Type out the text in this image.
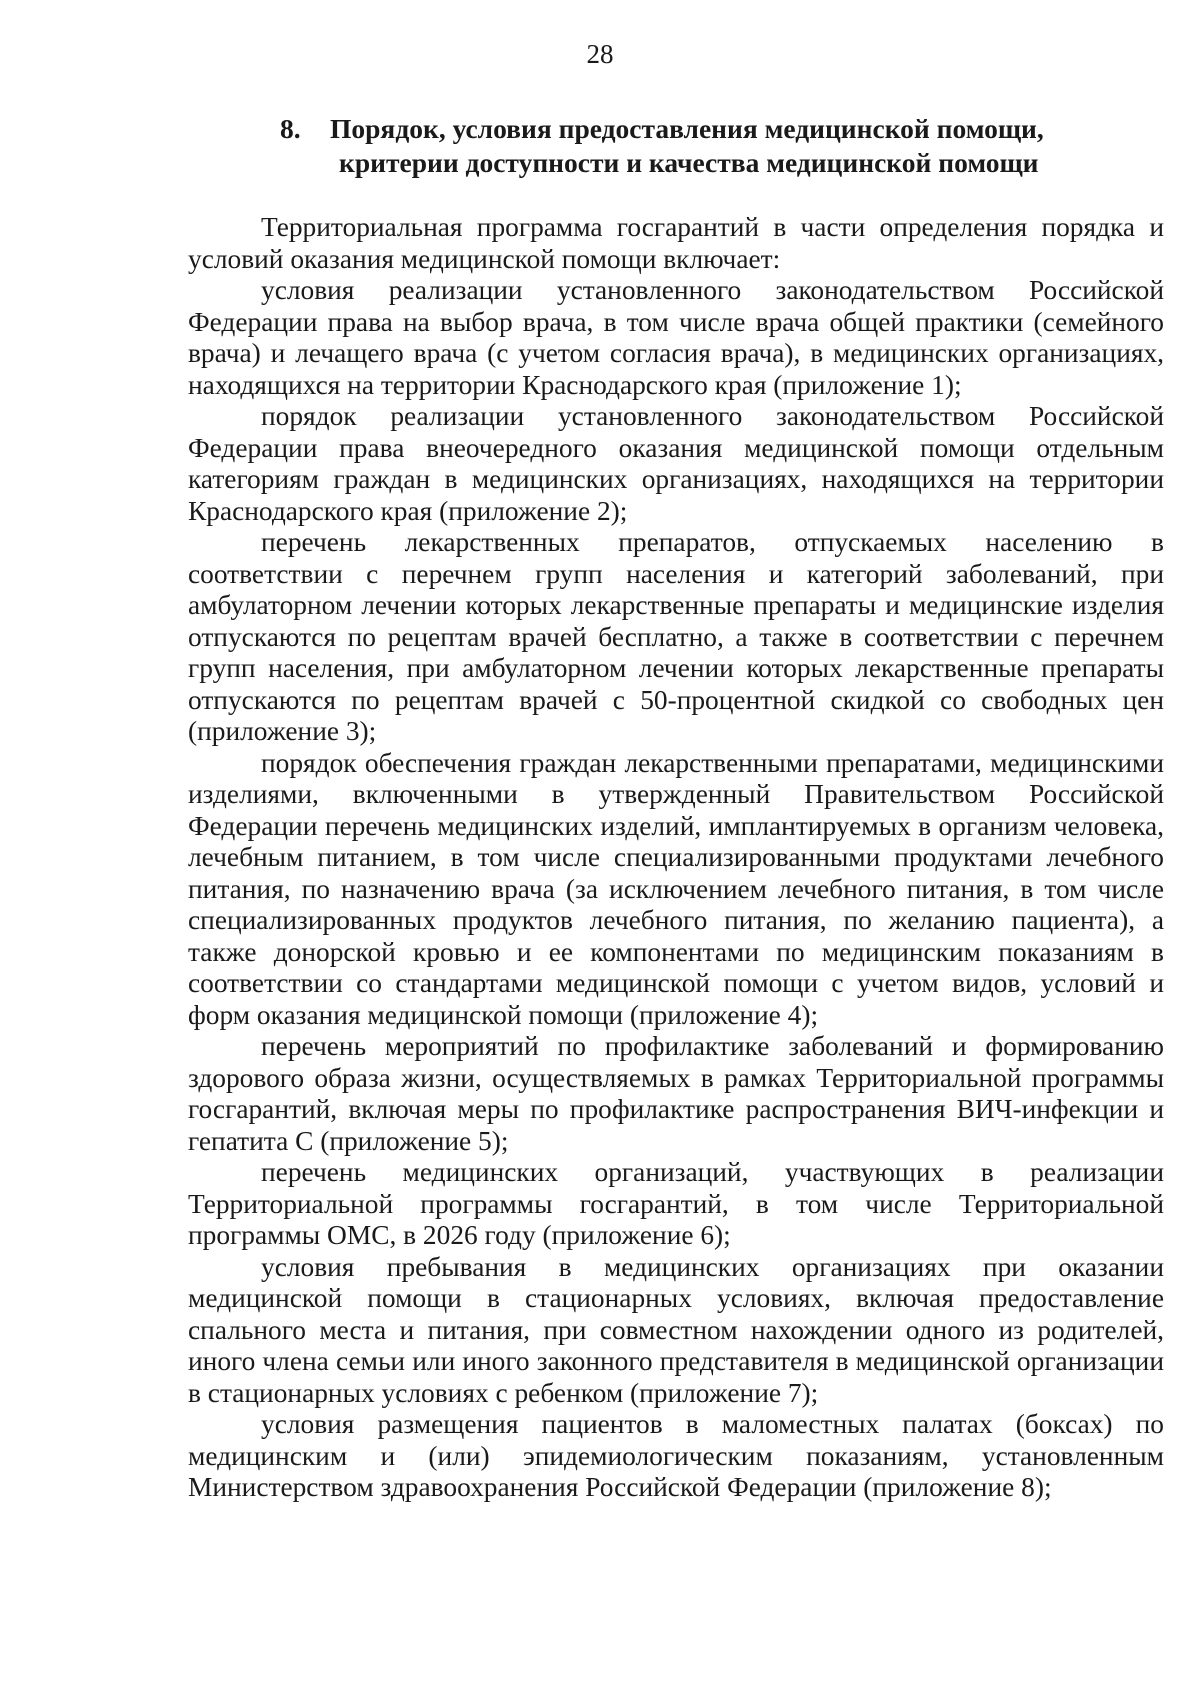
28
8. Порядок, условия предоставления медицинской помощи,
критерии доступности и качества медицинской помощи

Территориальная программа госгарантий в части определения порядка и условий оказания медицинской помощи включает:

условия реализации установленного законодательством Российской Федерации права на выбор врача, в том числе врача общей практики (семейного врача) и лечащего врача (с учетом согласия врача), в медицинских организациях, находящихся на территории Краснодарского края (приложение 1);

порядок реализации установленного законодательством Российской Федерации права внеочередного оказания медицинской помощи отдельным категориям граждан в медицинских организациях, находящихся на территории Краснодарского края (приложение 2);

перечень лекарственных препаратов, отпускаемых населению в соответствии с перечнем групп населения и категорий заболеваний, при амбулаторном лечении которых лекарственные препараты и медицинские изделия отпускаются по рецептам врачей бесплатно, а также в соответствии с перечнем групп населения, при амбулаторном лечении которых лекарственные препараты отпускаются по рецептам врачей с 50-процентной скидкой со свободных цен (приложение 3);

порядок обеспечения граждан лекарственными препаратами, медицинскими изделиями, включенными в утвержденный Правительством Российской Федерации перечень медицинских изделий, имплантируемых в организм человека, лечебным питанием, в том числе специализированными продуктами лечебного питания, по назначению врача (за исключением лечебного питания, в том числе специализированных продуктов лечебного питания, по желанию пациента), а также донорской кровью и ее компонентами по медицинским показаниям в соответствии со стандартами медицинской помощи с учетом видов, условий и форм оказания медицинской помощи (приложение 4);

перечень мероприятий по профилактике заболеваний и формированию здорового образа жизни, осуществляемых в рамках Территориальной программы госгарантий, включая меры по профилактике распространения ВИЧ-инфекции и гепатита С (приложение 5);

перечень медицинских организаций, участвующих в реализации Территориальной программы госгарантий, в том числе Территориальной программы ОМС, в 2026 году (приложение 6);

условия пребывания в медицинских организациях при оказании медицинской помощи в стационарных условиях, включая предоставление спального места и питания, при совместном нахождении одного из родителей, иного члена семьи или иного законного представителя в медицинской организации в стационарных условиях с ребенком (приложение 7);

условия размещения пациентов в маломестных палатах (боксах) по медицинским и (или) эпидемиологическим показаниям, установленным Министерством здравоохранения Российской Федерации (приложение 8);
